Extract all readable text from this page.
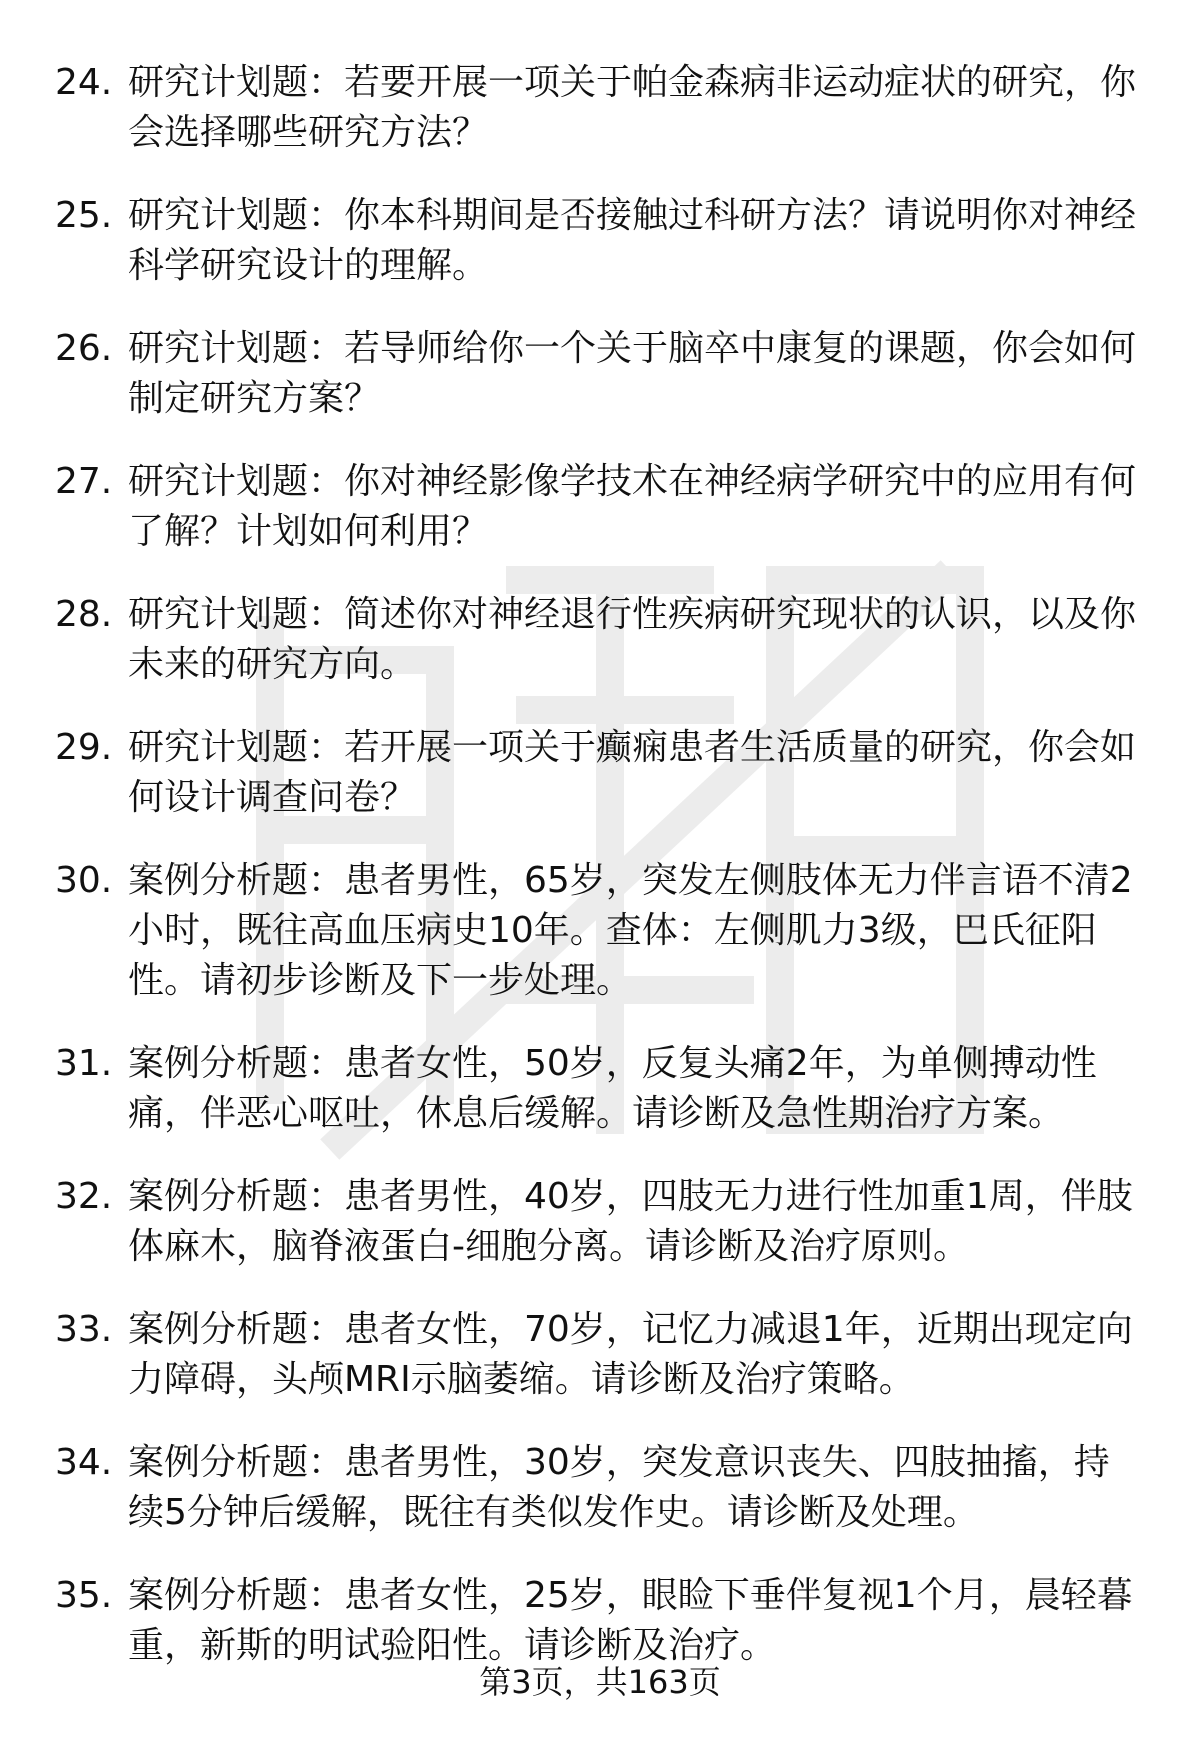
24. 研究计划题：若要开展一项关于帕金森病非运动症状的研究，你会选择哪些研究方法？
25. 研究计划题：你本科期间是否接触过科研方法？请说明你对神经科学研究设计的理解。
26. 研究计划题：若导师给你一个关于脑卒中康复的课题，你会如何制定研究方案？
27. 研究计划题：你对神经影像学技术在神经病学研究中的应用有何了解？计划如何利用？
28. 研究计划题：简述你对神经退行性疾病研究现状的认识，以及你未来的研究方向。
29. 研究计划题：若开展一项关于癫痫患者生活质量的研究，你会如何设计调查问卷？
30. 案例分析题：患者男性，65岁，突发左侧肢体无力伴言语不清2小时，既往高血压病史10年。查体：左侧肌力3级，巴氏征阳性。请初步诊断及下一步处理。
31. 案例分析题：患者女性，50岁，反复头痛2年，为单侧搏动性痛，伴恶心呕吐，休息后缓解。请诊断及急性期治疗方案。
32. 案例分析题：患者男性，40岁，四肢无力进行性加重1周，伴肢体麻木，脑脊液蛋白-细胞分离。请诊断及治疗原则。
33. 案例分析题：患者女性，70岁，记忆力减退1年，近期出现定向力障碍，头颅MRI示脑萎缩。请诊断及治疗策略。
34. 案例分析题：患者男性，30岁，突发意识丧失、四肢抽搐，持续5分钟后缓解，既往有类似发作史。请诊断及处理。
35. 案例分析题：患者女性，25岁，眼睑下垂伴复视1个月，晨轻暮重，新斯的明试验阳性。请诊断及治疗。
第3页，共163页
